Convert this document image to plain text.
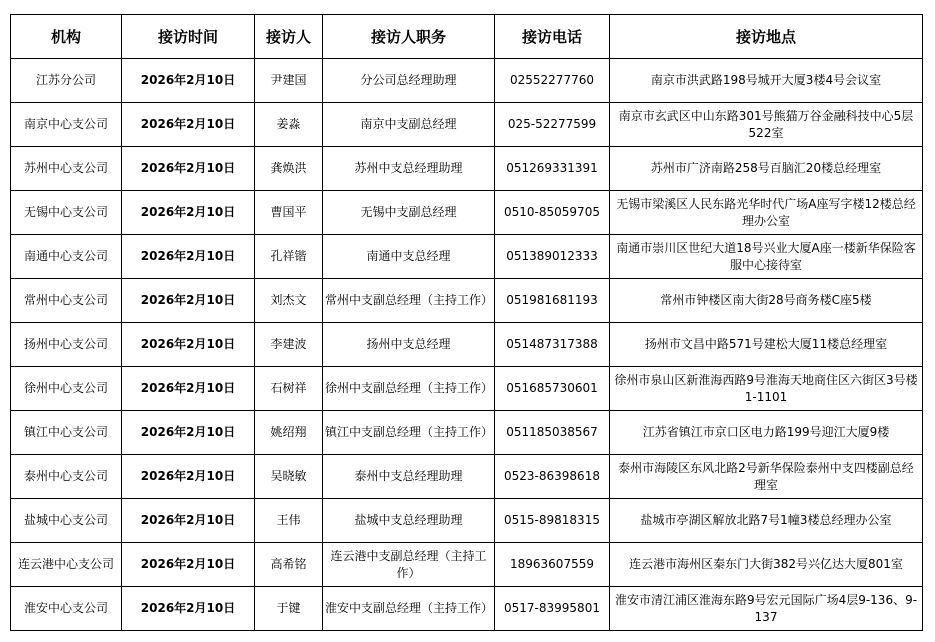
机构	接访时间	接访人	接访人职务	接访电话	接访地点
江苏分公司	2026年2月10日	尹建国	分公司总经理助理	02552277760	南京市洪武路198号城开大厦3楼4号会议室
南京中心支公司	2026年2月10日	姜淼	南京中支副总经理	025-52277599	南京市玄武区中山东路301号熊猫万谷金融科技中心5层522室
苏州中心支公司	2026年2月10日	龚焕洪	苏州中支总经理助理	051269331391	苏州市广济南路258号百脑汇20楼总经理室
无锡中心支公司	2026年2月10日	曹国平	无锡中支副总经理	0510-85059705	无锡市梁溪区人民东路光华时代广场A座写字楼12楼总经理办公室
南通中心支公司	2026年2月10日	孔祥锴	南通中支总经理	051389012333	南通市崇川区世纪大道18号兴业大厦A座一楼新华保险客服中心接待室
常州中心支公司	2026年2月10日	刘杰文	常州中支副总经理（主持工作）	051981681193	常州市钟楼区南大街28号商务楼C座5楼
扬州中心支公司	2026年2月10日	李建波	扬州中支总经理	051487317388	扬州市文昌中路571号建松大厦11楼总经理室
徐州中心支公司	2026年2月10日	石树祥	徐州中支副总经理（主持工作）	051685730601	徐州市泉山区新淮海西路9号淮海天地商住区六街区3号楼1-1101
镇江中心支公司	2026年2月10日	姚绍翔	镇江中支副总经理（主持工作）	051185038567	江苏省镇江市京口区电力路199号迎江大厦9楼
泰州中心支公司	2026年2月10日	吴晓敏	泰州中支总经理助理	0523-86398618	泰州市海陵区东风北路2号新华保险泰州中支四楼副总经理室
盐城中心支公司	2026年2月10日	王伟	盐城中支总经理助理	0515-89818315	盐城市亭湖区解放北路7号1幢3楼总经理办公室
连云港中心支公司	2026年2月10日	高希铭	连云港中支副总经理（主持工作）	18963607559	连云港市海州区秦东门大街382号兴亿达大厦801室
淮安中心支公司	2026年2月10日	于键	淮安中支副总经理（主持工作）	0517-83995801	淮安市清江浦区淮海东路9号宏元国际广场4层9-136、9-137
